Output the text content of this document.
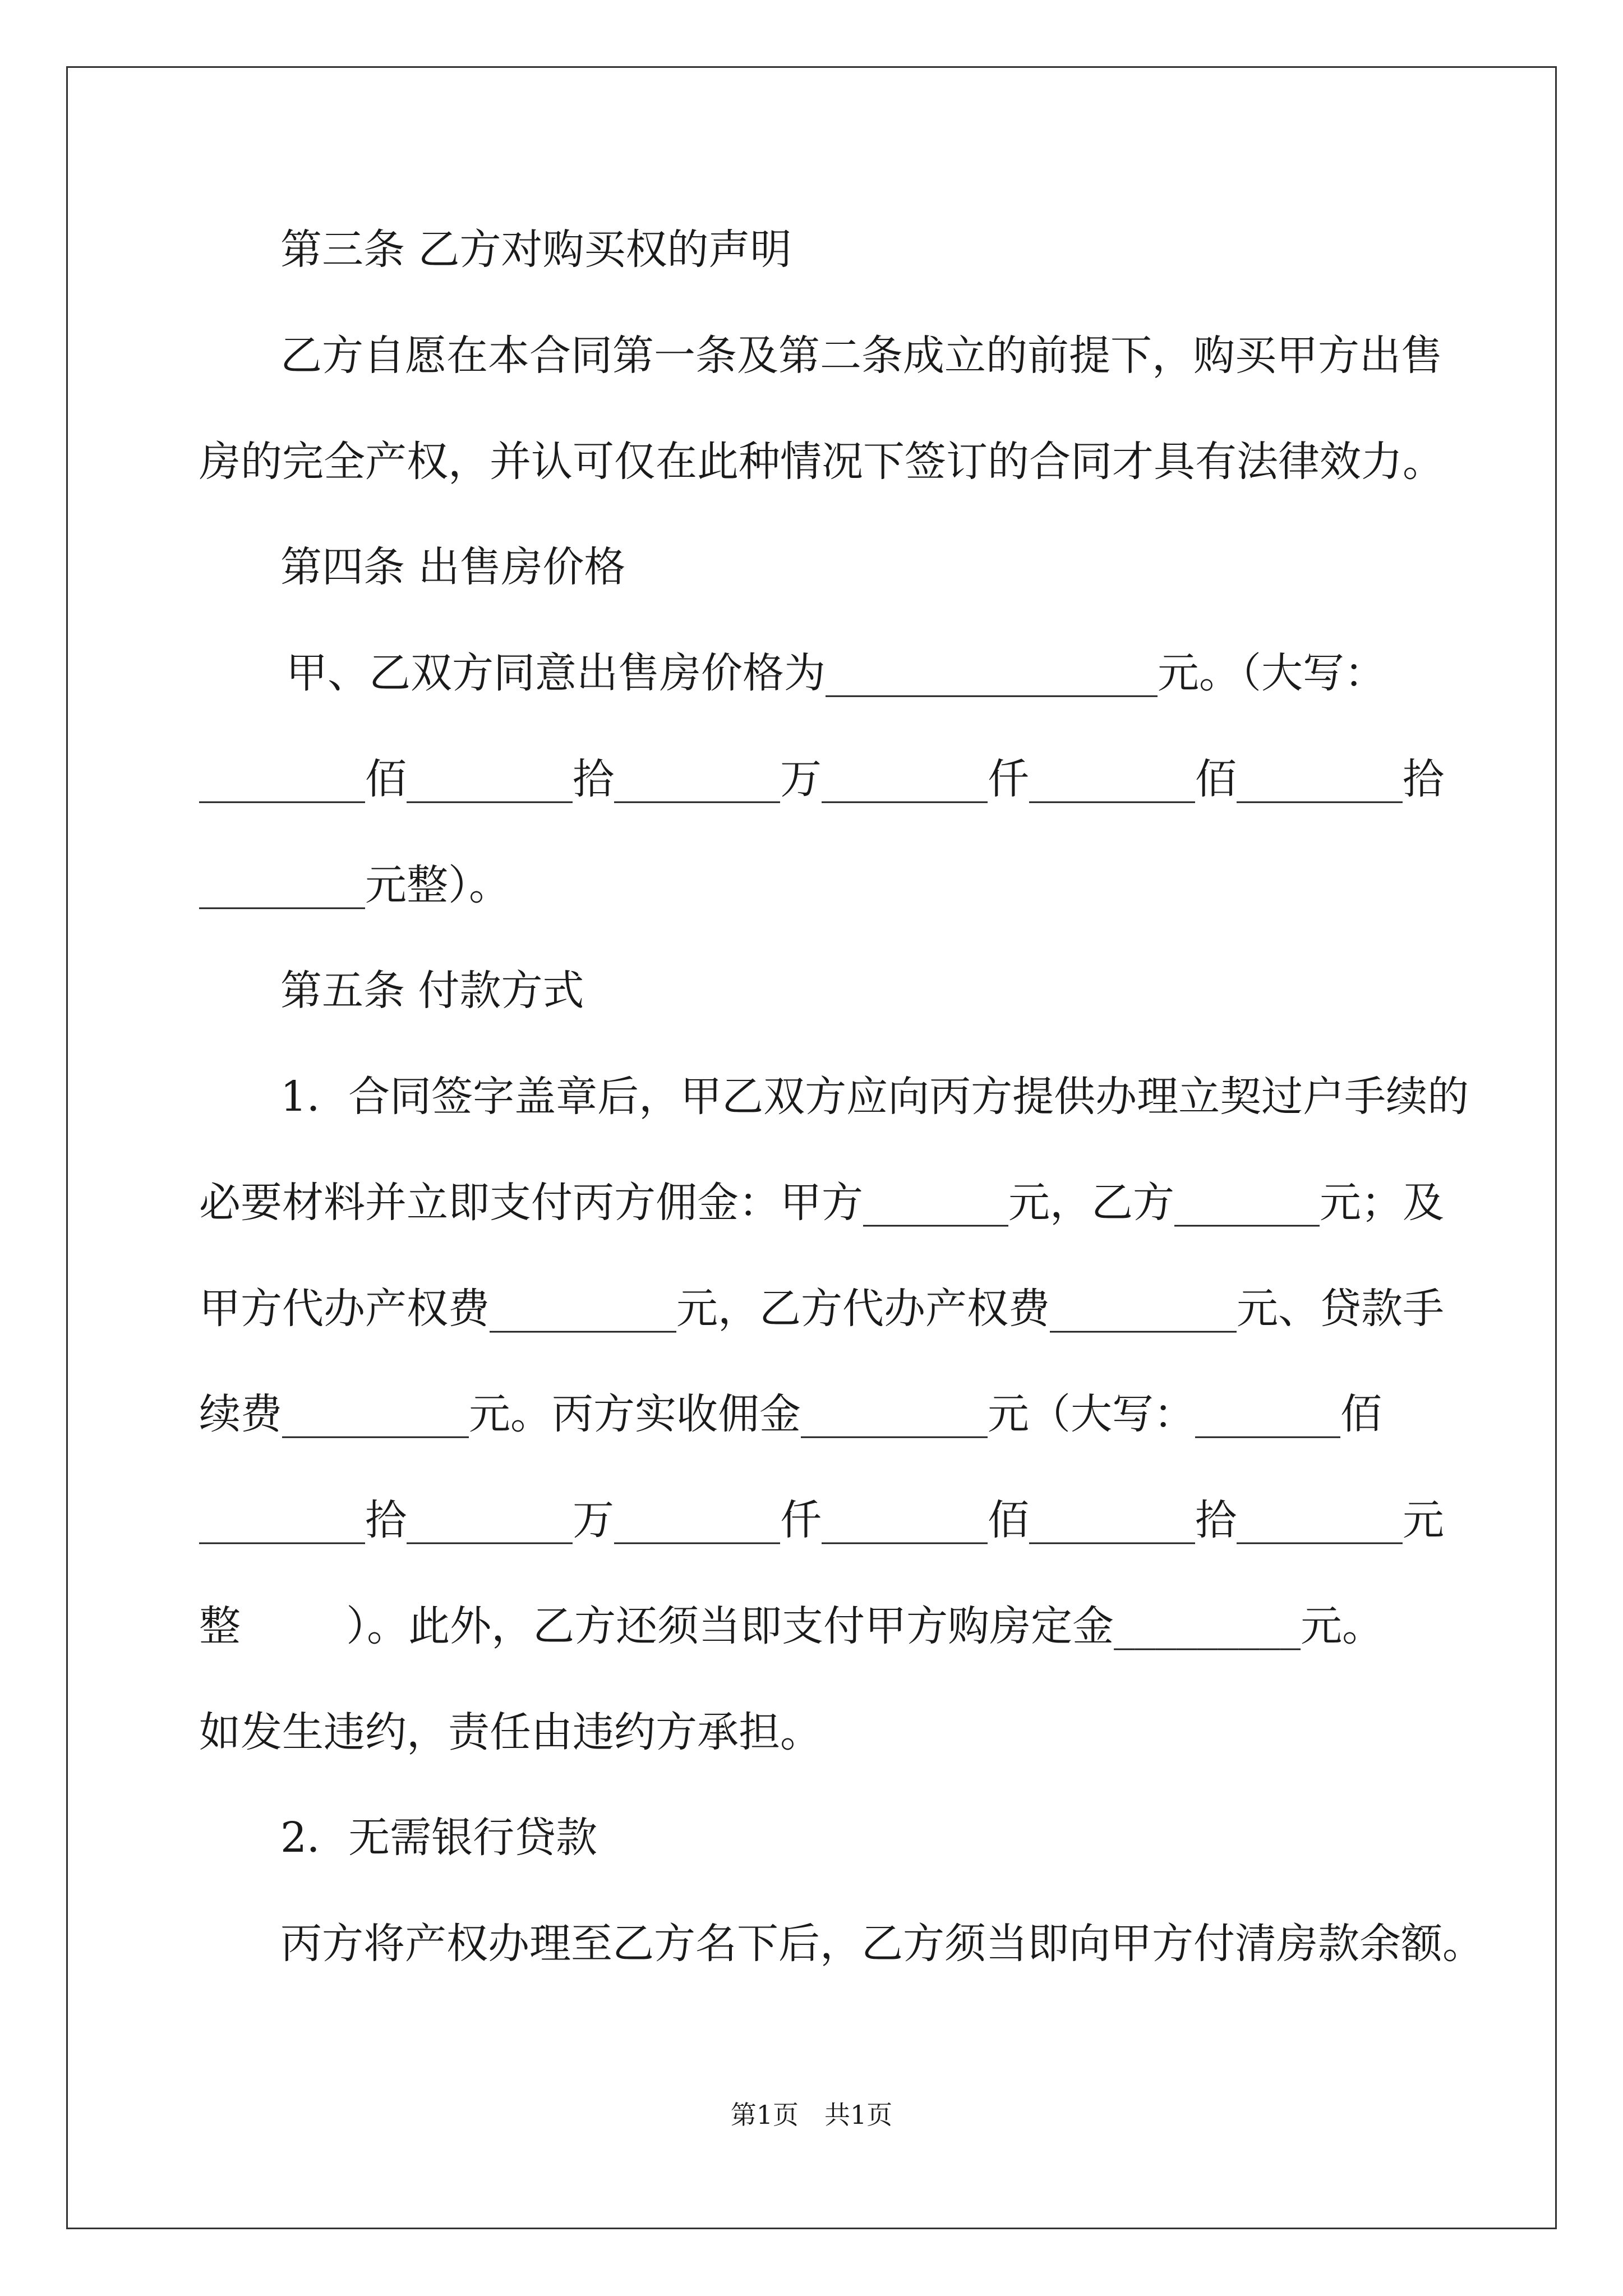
第三条 乙方对购买权的声明

乙方自愿在本合同第一条及第二条成立的前提下，购买甲方出售

房的完全产权，并认可仅在此种情况下签订的合同才具有法律效力。

第四条 出售房价格

甲、乙双方同意出售房价格为________________元。（大写：

________佰________拾________万________仟________佰________拾

________元整）。

第五条 付款方式

1．合同签字盖章后，甲乙双方应向丙方提供办理立契过户手续的

必要材料并立即支付丙方佣金：甲方_______元，乙方_______元；及

甲方代办产权费_________元，乙方代办产权费_________元、贷款手

续费_________元。丙方实收佣金_________元（大写：_______佰

________拾________万________仟________佰________拾________元

整        ）。此外，乙方还须当即支付甲方购房定金_________元。

如发生违约，责任由违约方承担。

2．无需银行贷款

丙方将产权办理至乙方名下后，乙方须当即向甲方付清房款余额。

第1页　共1页
